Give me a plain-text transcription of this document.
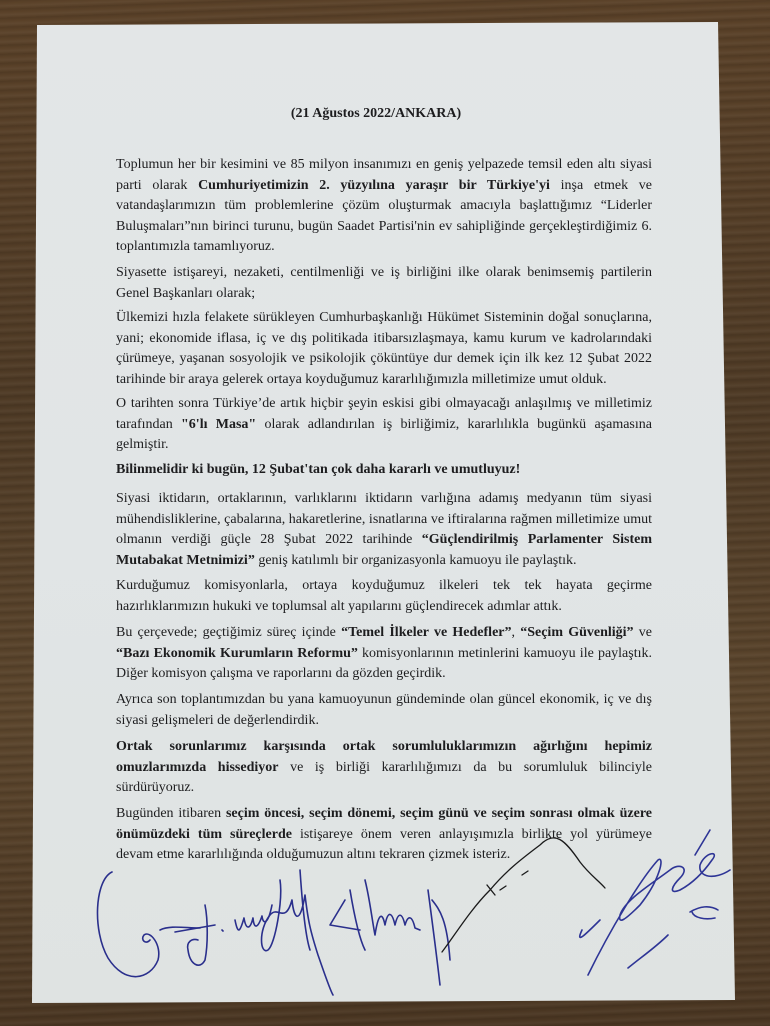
(21 Ağustos 2022/ANKARA)

Toplumun her bir kesimini ve 85 milyon insanımızı en geniş yelpazede temsil eden altı siyasi parti olarak Cumhuriyetimizin 2. yüzyılına yaraşır bir Türkiye'yi inşa etmek ve vatandaşlarımızın tüm problemlerine çözüm oluşturmak amacıyla başlattığımız “Liderler Buluşmaları”nın birinci turunu, bugün Saadet Partisi'nin ev sahipliğinde gerçekleştirdiğimiz 6. toplantımızla tamamlıyoruz.

Siyasette istişareyi, nezaketi, centilmenliği ve iş birliğini ilke olarak benimsemiş partilerin Genel Başkanları olarak;

Ülkemizi hızla felakete sürükleyen Cumhurbaşkanlığı Hükümet Sisteminin doğal sonuçlarına, yani; ekonomide iflasa, iç ve dış politikada itibarsızlaşmaya, kamu kurum ve kadrolarındaki çürümeye, yaşanan sosyolojik ve psikolojik çöküntüye dur demek için ilk kez 12 Şubat 2022 tarihinde bir araya gelerek ortaya koyduğumuz kararlılığımızla milletimize umut olduk.

O tarihten sonra Türkiye’de artık hiçbir şeyin eskisi gibi olmayacağı anlaşılmış ve milletimiz tarafından "6'lı Masa" olarak adlandırılan iş birliğimiz, kararlılıkla bugünkü aşamasına gelmiştir.

Bilinmelidir ki bugün, 12 Şubat'tan çok daha kararlı ve umutluyuz!

Siyasi iktidarın, ortaklarının, varlıklarını iktidarın varlığına adamış medyanın tüm siyasi mühendisliklerine, çabalarına, hakaretlerine, isnatlarına ve iftiralarına rağmen milletimize umut olmanın verdiği güçle 28 Şubat 2022 tarihinde “Güçlendirilmiş Parlamenter Sistem Mutabakat Metnimizi” geniş katılımlı bir organizasyonla kamuoyu ile paylaştık.

Kurduğumuz komisyonlarla, ortaya koyduğumuz ilkeleri tek tek hayata geçirme hazırlıklarımızın hukuki ve toplumsal alt yapılarını güçlendirecek adımlar attık.

Bu çerçevede; geçtiğimiz süreç içinde “Temel İlkeler ve Hedefler”, “Seçim Güvenliği” ve “Bazı Ekonomik Kurumların Reformu” komisyonlarının metinlerini kamuoyu ile paylaştık. Diğer komisyon çalışma ve raporlarını da gözden geçirdik.

Ayrıca son toplantımızdan bu yana kamuoyunun gündeminde olan güncel ekonomik, iç ve dış siyasi gelişmeleri de değerlendirdik.

Ortak sorunlarımız karşısında ortak sorumluluklarımızın ağırlığını hepimiz omuzlarımızda hissediyor ve iş birliği kararlılığımızı da bu sorumluluk bilinciyle sürdürüyoruz.

Bugünden itibaren seçim öncesi, seçim dönemi, seçim günü ve seçim sonrası olmak üzere önümüzdeki tüm süreçlerde istişareye önem veren anlayışımızla birlikte yol yürümeye devam etme kararlılığında olduğumuzun altını tekraren çizmek isteriz.
